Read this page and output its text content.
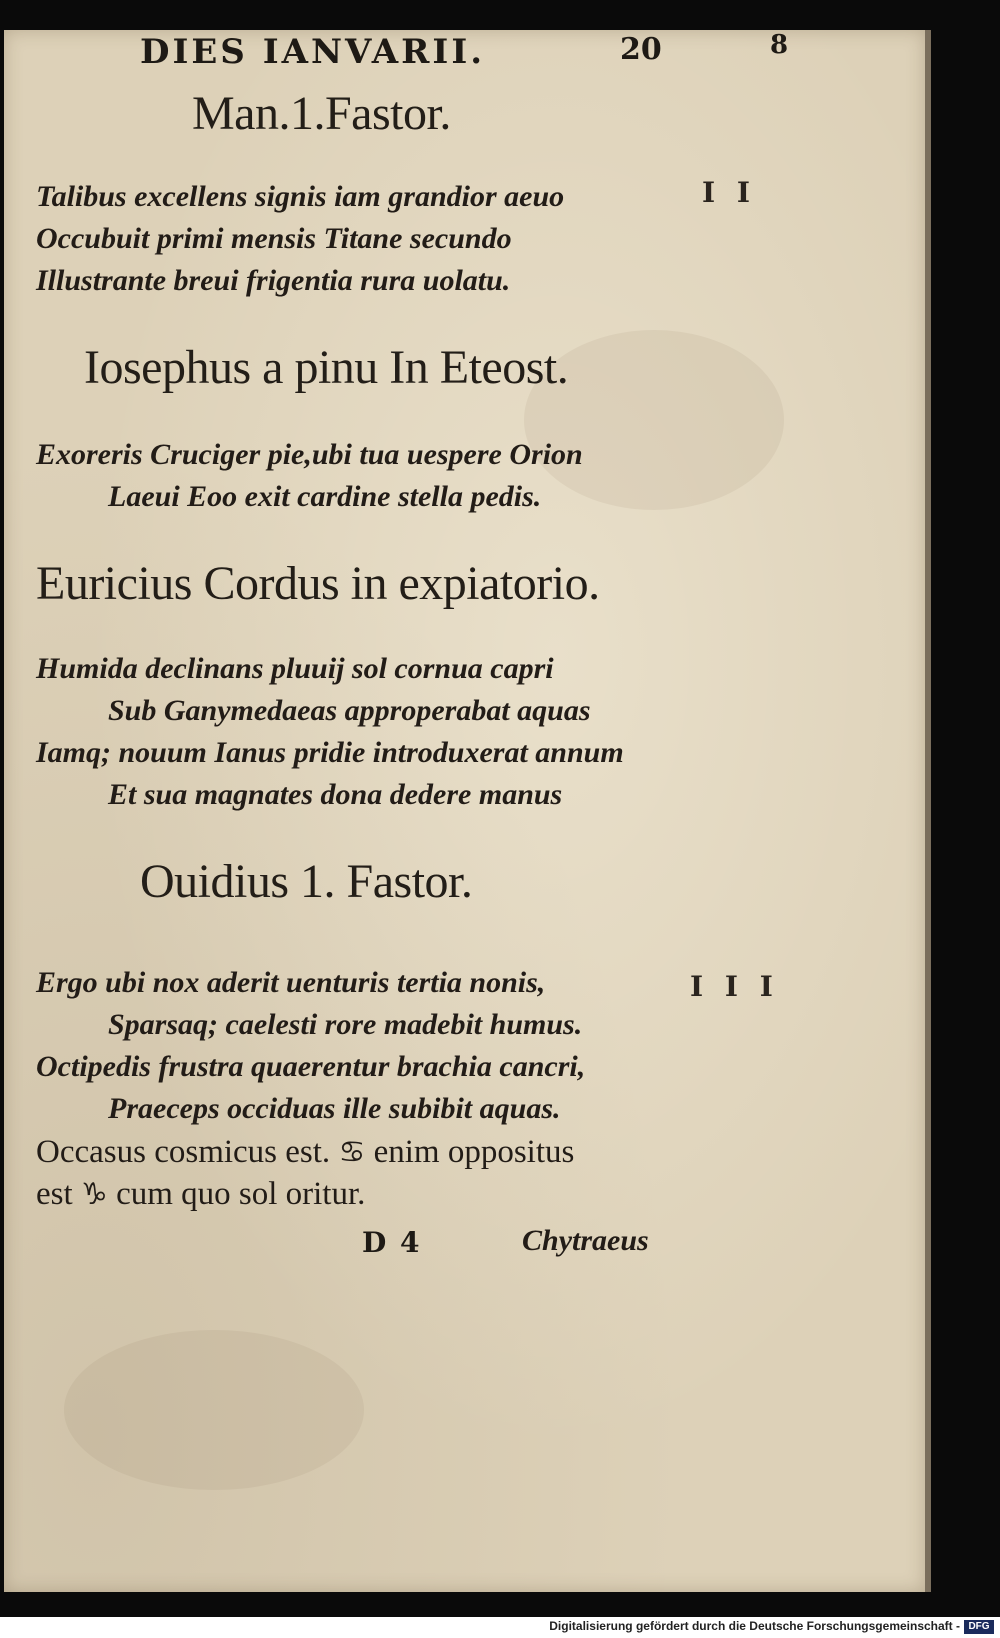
DIES IANVARII.	20	8
Man.1.Fastor.
I I
Talibus excellens signis iam grandior aeuo
Occubuit primi mensis Titane secundo
Illustrante breui frigentia rura uolatu.
Iosephus a pinu In Eteost.
Exoreris Cruciger pie,ubi tua uespere Orion
Laeui Eoo exit cardine stella pedis.
Euricius Cordus in expiatorio.
Humida declinans pluuij sol cornua capri
Sub Ganymedaeas approperabat aquas
Iamq; nouum Ianus pridie introduxerat annum
Et sua magnates dona dedere manus
Ouidius 1. Fastor.
I I I
Ergo ubi nox aderit uenturis tertia nonis,
Sparsaq; caelesti rore madebit humus.
Octipedis frustra quaerentur brachia cancri,
Praeceps occiduas ille subibit aquas.
Occasus cosmicus est. ♋ enim oppositus
est ♑ cum quo sol oritur.
D 4	Chytraeus
Digitalisierung gefördert durch die Deutsche Forschungsgemeinschaft - DFG
